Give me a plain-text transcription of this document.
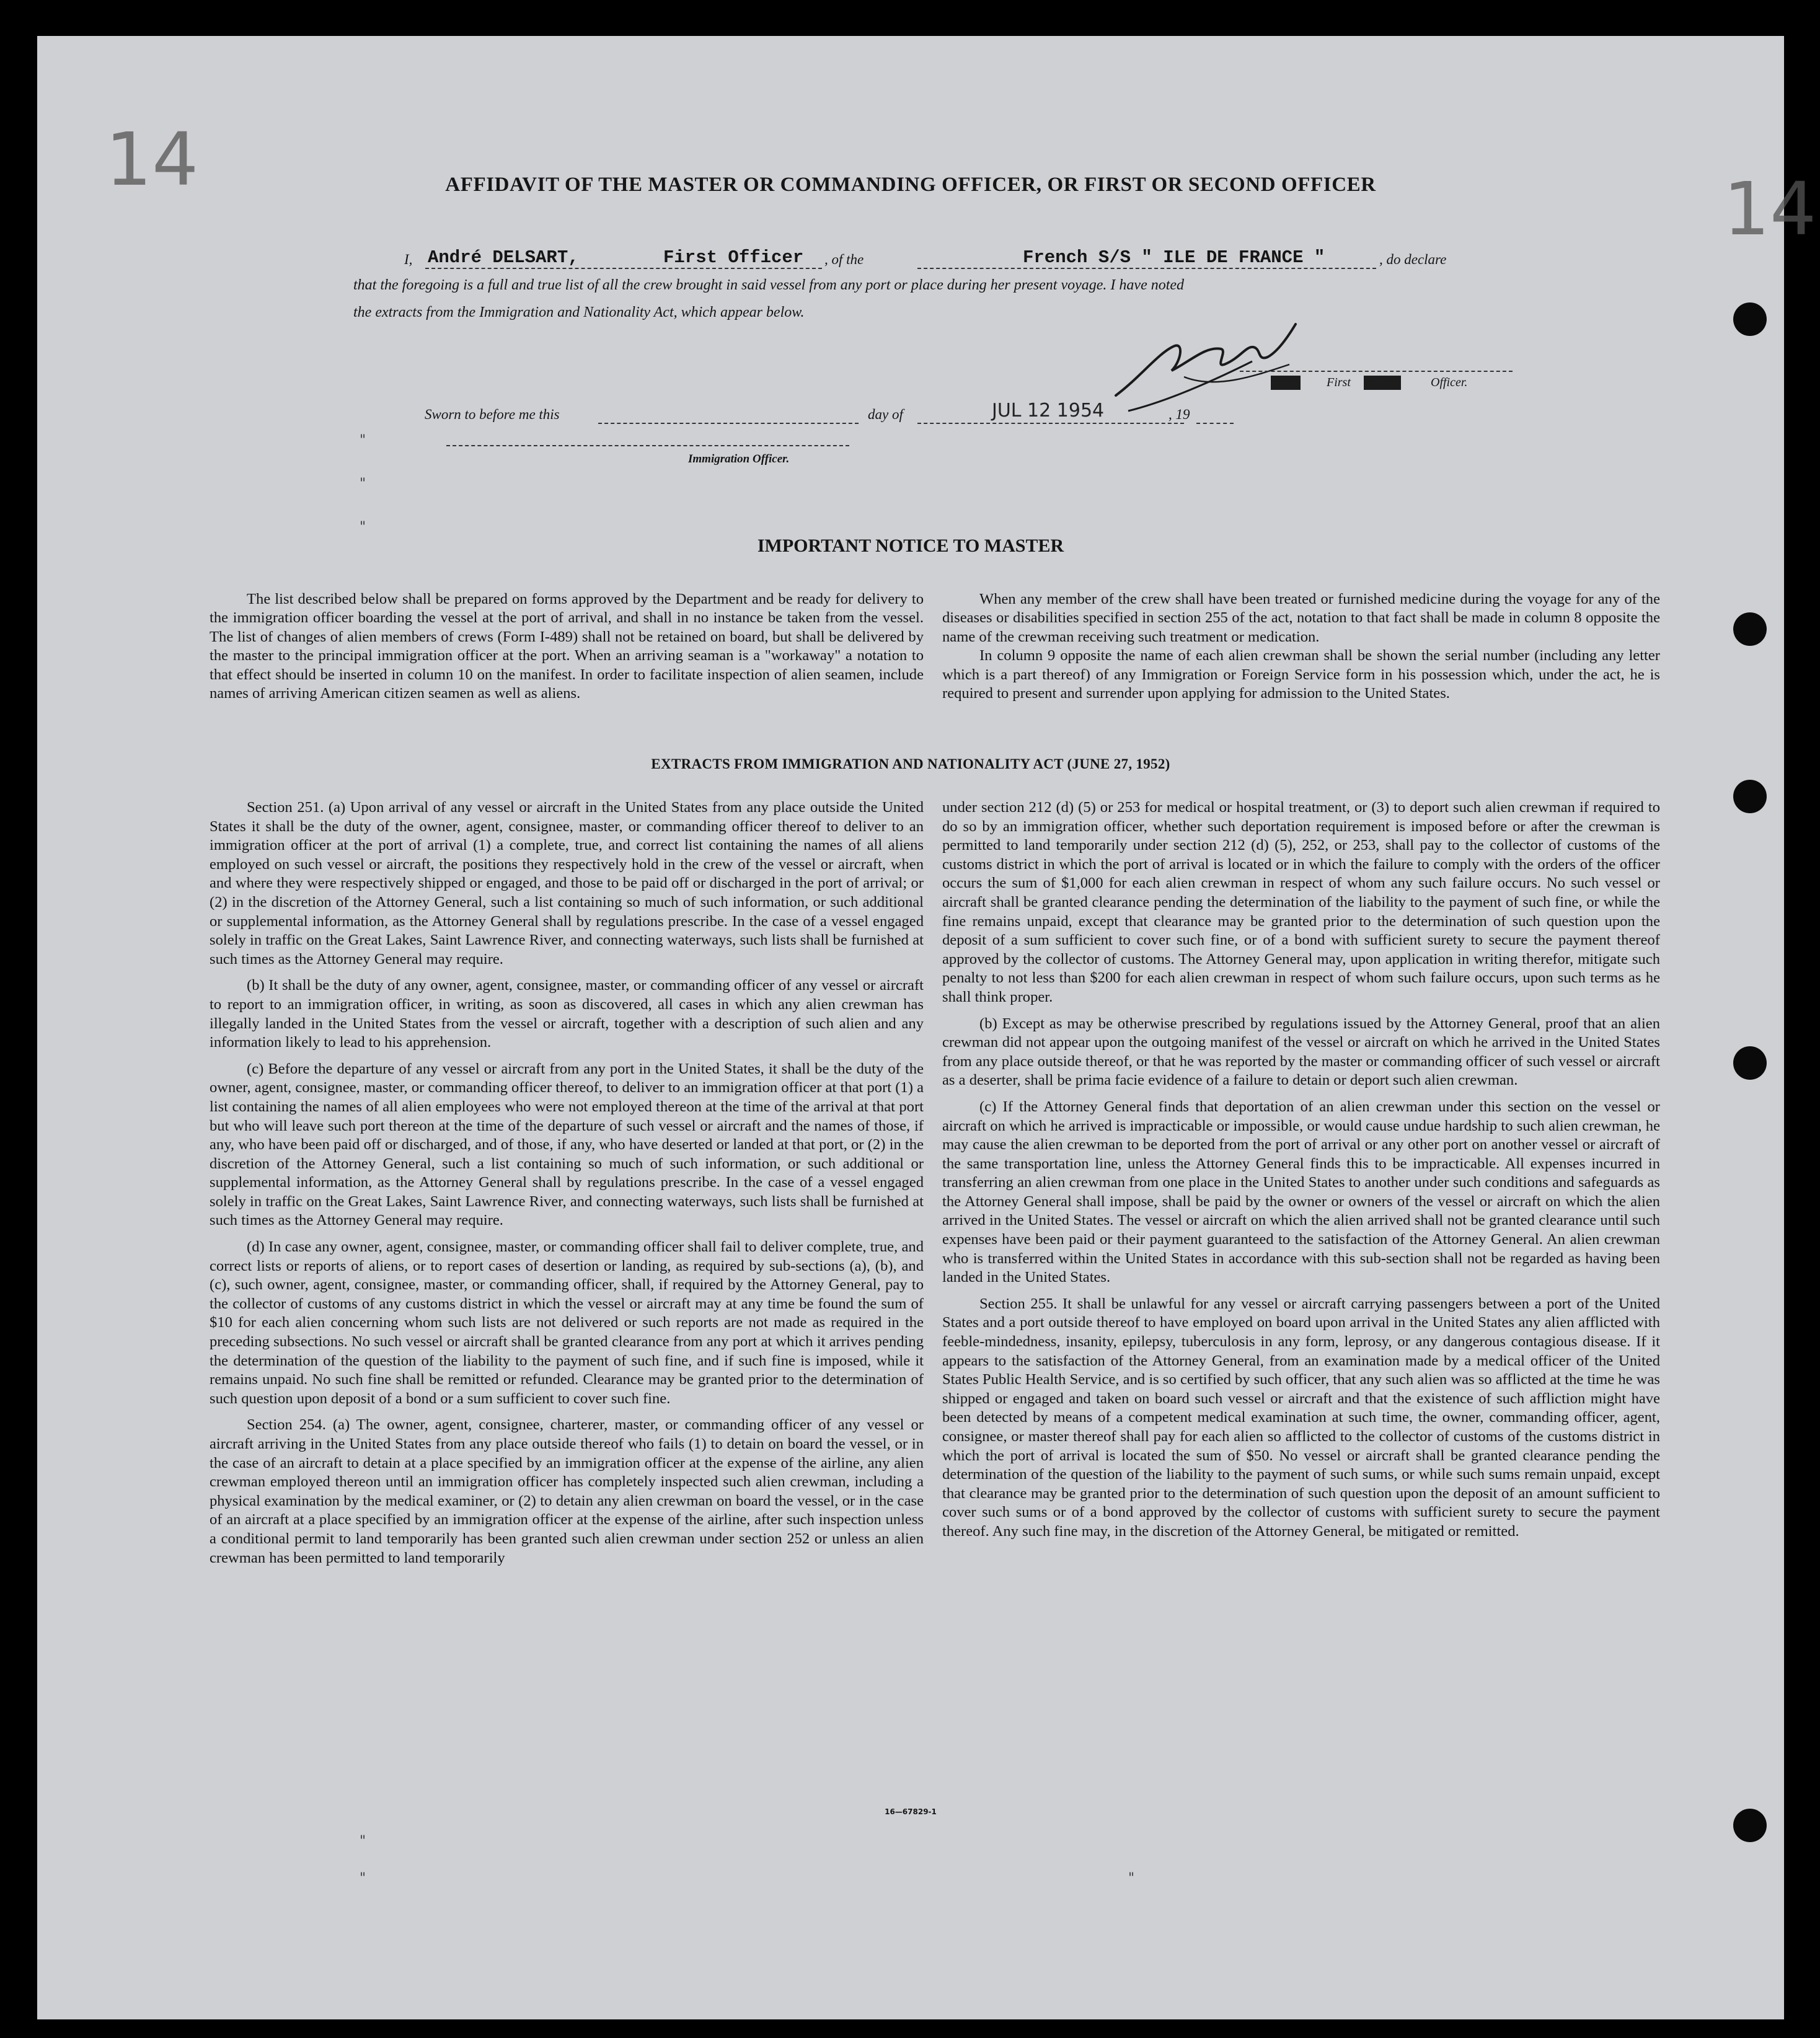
14
14
AFFIDAVIT OF THE MASTER OR COMMANDING OFFICER, OR FIRST OR SECOND OFFICER
I, André DELSART,	First Officer , of the	French S/S " ILE DE FRANCE "	, do declare
that the foregoing is a full and true list of all the crew brought in said vessel from any port or place during her present voyage. I have noted
the extracts from the Immigration and Nationality Act, which appear below.
XXXX First XXXXX Officer.
Sworn to before me this	day of	JUL 12 1954	, 19
"
"
"
"
"	"
Immigration Officer.
IMPORTANT NOTICE TO MASTER

The list described below shall be prepared on forms approved by the Department and be ready for delivery to the immigration officer boarding the vessel at the port of arrival, and shall in no instance be taken from the vessel. The list of changes of alien members of crews (Form I-489) shall not be retained on board, but shall be delivered by the master to the principal immigration officer at the port. When an arriving seaman is a "workaway" a notation to that effect should be inserted in column 10 on the manifest. In order to facilitate inspection of alien seamen, include names of arriving American citizen seamen as well as aliens.

When any member of the crew shall have been treated or furnished medicine during the voyage for any of the diseases or disabilities specified in section 255 of the act, notation to that fact shall be made in column 8 opposite the name of the crewman receiving such treatment or medication.

In column 9 opposite the name of each alien crewman shall be shown the serial number (including any letter which is a part thereof) of any Immigration or Foreign Service form in his possession which, under the act, he is required to present and surrender upon applying for admission to the United States.

EXTRACTS FROM IMMIGRATION AND NATIONALITY ACT (JUNE 27, 1952)

Section 251. (a) Upon arrival of any vessel or aircraft in the United States from any place outside the United States it shall be the duty of the owner, agent, consignee, master, or commanding officer thereof to deliver to an immigration officer at the port of arrival (1) a complete, true, and correct list containing the names of all aliens employed on such vessel or aircraft, the positions they respectively hold in the crew of the vessel or aircraft, when and where they were respectively shipped or engaged, and those to be paid off or discharged in the port of arrival; or (2) in the discretion of the Attorney General, such a list containing so much of such information, or such additional or supplemental information, as the Attorney General shall by regulations prescribe. In the case of a vessel engaged solely in traffic on the Great Lakes, Saint Lawrence River, and connecting waterways, such lists shall be furnished at such times as the Attorney General may require.

(b) It shall be the duty of any owner, agent, consignee, master, or commanding officer of any vessel or aircraft to report to an immigration officer, in writing, as soon as discovered, all cases in which any alien crewman has illegally landed in the United States from the vessel or aircraft, together with a description of such alien and any information likely to lead to his apprehension.

(c) Before the departure of any vessel or aircraft from any port in the United States, it shall be the duty of the owner, agent, consignee, master, or commanding officer thereof, to deliver to an immigration officer at that port (1) a list containing the names of all alien employees who were not employed thereon at the time of the arrival at that port but who will leave such port thereon at the time of the departure of such vessel or aircraft and the names of those, if any, who have been paid off or discharged, and of those, if any, who have deserted or landed at that port, or (2) in the discretion of the Attorney General, such a list containing so much of such information, or such additional or supplemental information, as the Attorney General shall by regulations prescribe. In the case of a vessel engaged solely in traffic on the Great Lakes, Saint Lawrence River, and connecting waterways, such lists shall be furnished at such times as the Attorney General may require.

(d) In case any owner, agent, consignee, master, or commanding officer shall fail to deliver complete, true, and correct lists or reports of aliens, or to report cases of desertion or landing, as required by sub-sections (a), (b), and (c), such owner, agent, consignee, master, or commanding officer, shall, if required by the Attorney General, pay to the collector of customs of any customs district in which the vessel or aircraft may at any time be found the sum of $10 for each alien concerning whom such lists are not delivered or such reports are not made as required in the preceding subsections. No such vessel or aircraft shall be granted clearance from any port at which it arrives pending the determination of the question of the liability to the payment of such fine, and if such fine is imposed, while it remains unpaid. No such fine shall be remitted or refunded. Clearance may be granted prior to the determination of such question upon deposit of a bond or a sum sufficient to cover such fine.

Section 254. (a) The owner, agent, consignee, charterer, master, or commanding officer of any vessel or aircraft arriving in the United States from any place outside thereof who fails (1) to detain on board the vessel, or in the case of an aircraft to detain at a place specified by an immigration officer at the expense of the airline, any alien crewman employed thereon until an immigration officer has completely inspected such alien crewman, including a physical examination by the medical examiner, or (2) to detain any alien crewman on board the vessel, or in the case of an aircraft at a place specified by an immigration officer at the expense of the airline, after such inspection unless a conditional permit to land temporarily has been granted such alien crewman under section 252 or unless an alien crewman has been permitted to land temporarily

under section 212 (d) (5) or 253 for medical or hospital treatment, or (3) to deport such alien crewman if required to do so by an immigration officer, whether such deportation requirement is imposed before or after the crewman is permitted to land temporarily under section 212 (d) (5), 252, or 253, shall pay to the collector of customs of the customs district in which the port of arrival is located or in which the failure to comply with the orders of the officer occurs the sum of $1,000 for each alien crewman in respect of whom any such failure occurs. No such vessel or aircraft shall be granted clearance pending the determination of the liability to the payment of such fine, or while the fine remains unpaid, except that clearance may be granted prior to the determination of such question upon the deposit of a sum sufficient to cover such fine, or of a bond with sufficient surety to secure the payment thereof approved by the collector of customs. The Attorney General may, upon application in writing therefor, mitigate such penalty to not less than $200 for each alien crewman in respect of whom such failure occurs, upon such terms as he shall think proper.

(b) Except as may be otherwise prescribed by regulations issued by the Attorney General, proof that an alien crewman did not appear upon the outgoing manifest of the vessel or aircraft on which he arrived in the United States from any place outside thereof, or that he was reported by the master or commanding officer of such vessel or aircraft as a deserter, shall be prima facie evidence of a failure to detain or deport such alien crewman.

(c) If the Attorney General finds that deportation of an alien crewman under this section on the vessel or aircraft on which he arrived is impracticable or impossible, or would cause undue hardship to such alien crewman, he may cause the alien crewman to be deported from the port of arrival or any other port on another vessel or aircraft of the same transportation line, unless the Attorney General finds this to be impracticable. All expenses incurred in transferring an alien crewman from one place in the United States to another under such conditions and safeguards as the Attorney General shall impose, shall be paid by the owner or owners of the vessel or aircraft on which the alien arrived in the United States. The vessel or aircraft on which the alien arrived shall not be granted clearance until such expenses have been paid or their payment guaranteed to the satisfaction of the Attorney General. An alien crewman who is transferred within the United States in accordance with this sub-section shall not be regarded as having been landed in the United States.

Section 255. It shall be unlawful for any vessel or aircraft carrying passengers between a port of the United States and a port outside thereof to have employed on board upon arrival in the United States any alien afflicted with feeble-mindedness, insanity, epilepsy, tuberculosis in any form, leprosy, or any dangerous contagious disease. If it appears to the satisfaction of the Attorney General, from an examination made by a medical officer of the United States Public Health Service, and is so certified by such officer, that any such alien was so afflicted at the time he was shipped or engaged and taken on board such vessel or aircraft and that the existence of such affliction might have been detected by means of a competent medical examination at such time, the owner, commanding officer, agent, consignee, or master thereof shall pay for each alien so afflicted to the collector of customs of the customs district in which the port of arrival is located the sum of $50. No vessel or aircraft shall be granted clearance pending the determination of the question of the liability to the payment of such sums, or while such sums remain unpaid, except that clearance may be granted prior to the determination of such question upon the deposit of an amount sufficient to cover such sums or of a bond approved by the collector of customs with sufficient surety to secure the payment thereof. Any such fine may, in the discretion of the Attorney General, be mitigated or remitted.

16—67829-1
